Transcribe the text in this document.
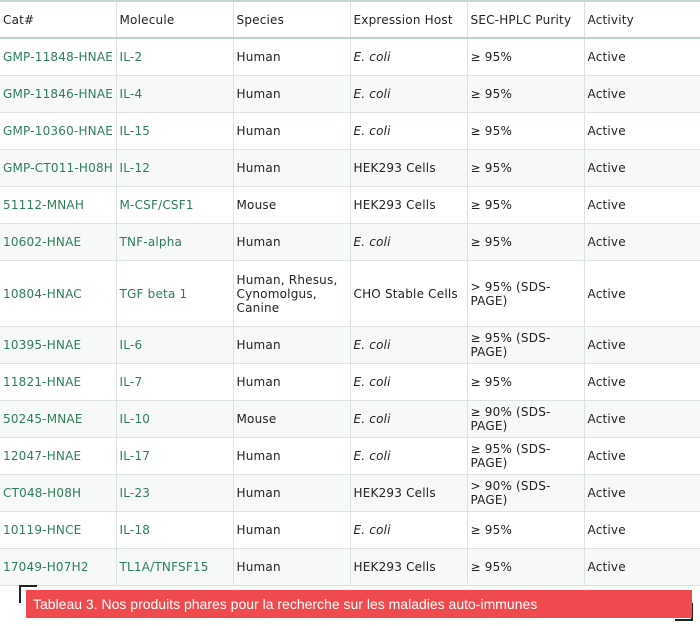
Cat#	Molecule	Species	Expression Host	SEC-HPLC Purity	Activity
GMP-11848-HNAE	IL-2	Human	E. coli	≥ 95%	Active
GMP-11846-HNAE	IL-4	Human	E. coli	≥ 95%	Active
GMP-10360-HNAE	IL-15	Human	E. coli	≥ 95%	Active
GMP-CT011-H08H	IL-12	Human	HEK293 Cells	≥ 95%	Active
51112-MNAH	M-CSF/CSF1	Mouse	HEK293 Cells	≥ 95%	Active
10602-HNAE	TNF-alpha	Human	E. coli	≥ 95%	Active
10804-HNAC	TGF beta 1	Human, Rhesus, Cynomolgus, Canine	CHO Stable Cells	> 95% (SDS-PAGE)	Active
10395-HNAE	IL-6	Human	E. coli	≥ 95% (SDS-PAGE)	Active
11821-HNAE	IL-7	Human	E. coli	≥ 95%	Active
50245-MNAE	IL-10	Mouse	E. coli	≥ 90% (SDS-PAGE)	Active
12047-HNAE	IL-17	Human	E. coli	≥ 95% (SDS-PAGE)	Active
CT048-H08H	IL-23	Human	HEK293 Cells	> 90% (SDS-PAGE)	Active
10119-HNCE	IL-18	Human	E. coli	≥ 95%	Active
17049-H07H2	TL1A/TNFSF15	Human	HEK293 Cells	≥ 95%	Active
Tableau 3. Nos produits phares pour la recherche sur les maladies auto-immunes
